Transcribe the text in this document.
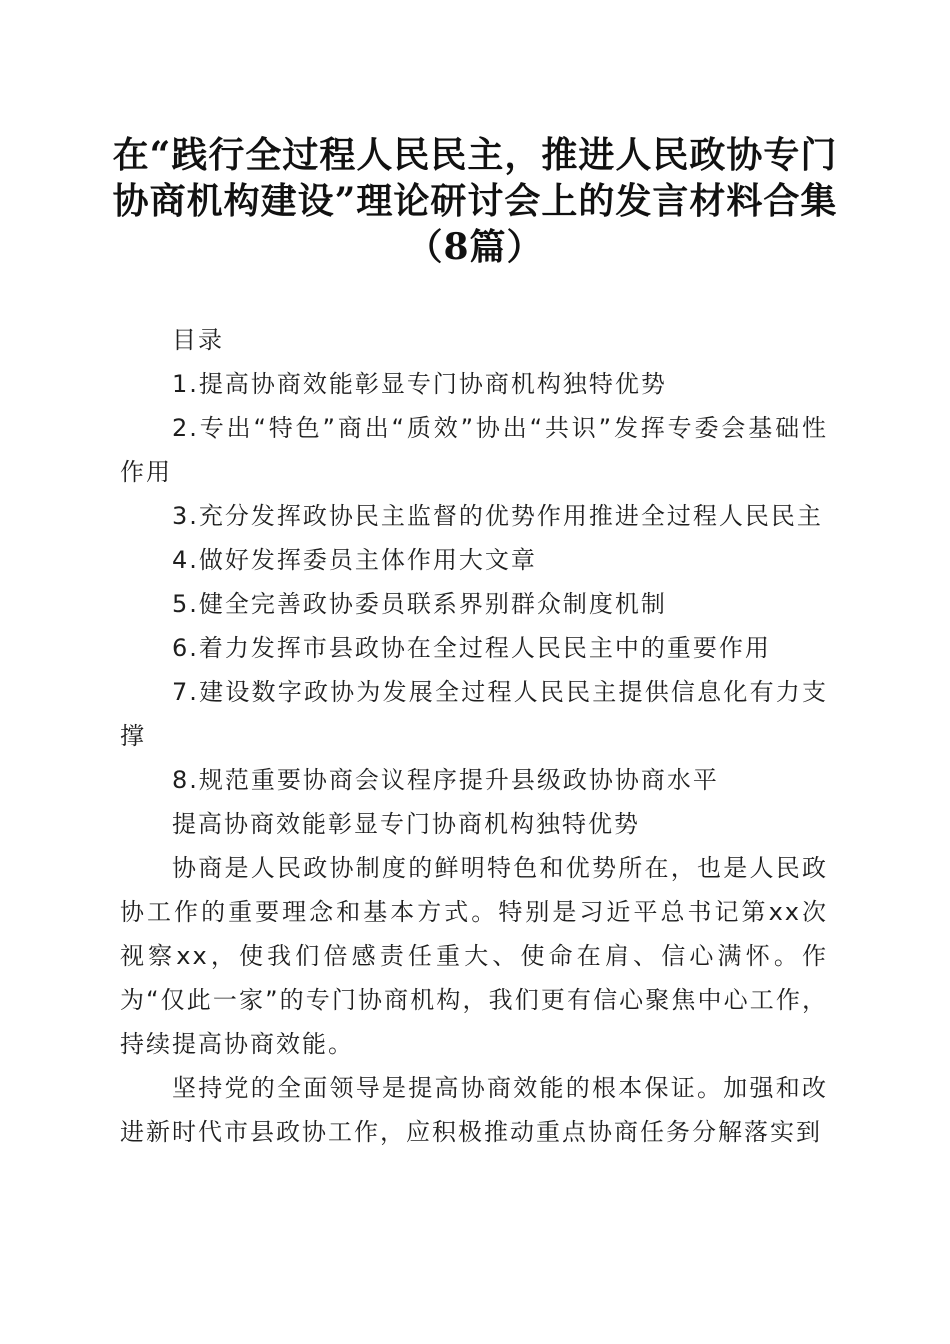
在“践行全过程人民民主，推进人民政协专门
协商机构建设”理论研讨会上的发言材料合集
（8篇）

目录

1.提高协商效能彰显专门协商机构独特优势

2.专出“特色”商出“质效”协出“共识”发挥专委会基础性作用

3.充分发挥政协民主监督的优势作用推进全过程人民民主

4.做好发挥委员主体作用大文章

5.健全完善政协委员联系界别群众制度机制

6.着力发挥市县政协在全过程人民民主中的重要作用

7.建设数字政协为发展全过程人民民主提供信息化有力支撑

8.规范重要协商会议程序提升县级政协协商水平

提高协商效能彰显专门协商机构独特优势

协商是人民政协制度的鲜明特色和优势所在，也是人民政协工作的重要理念和基本方式。特别是习近平总书记第xx次视察xx，使我们倍感责任重大、使命在肩、信心满怀。作为“仅此一家”的专门协商机构，我们更有信心聚焦中心工作，持续提高协商效能。

坚持党的全面领导是提高协商效能的根本保证。加强和改进新时代市县政协工作，应积极推动重点协商任务分解落实到
